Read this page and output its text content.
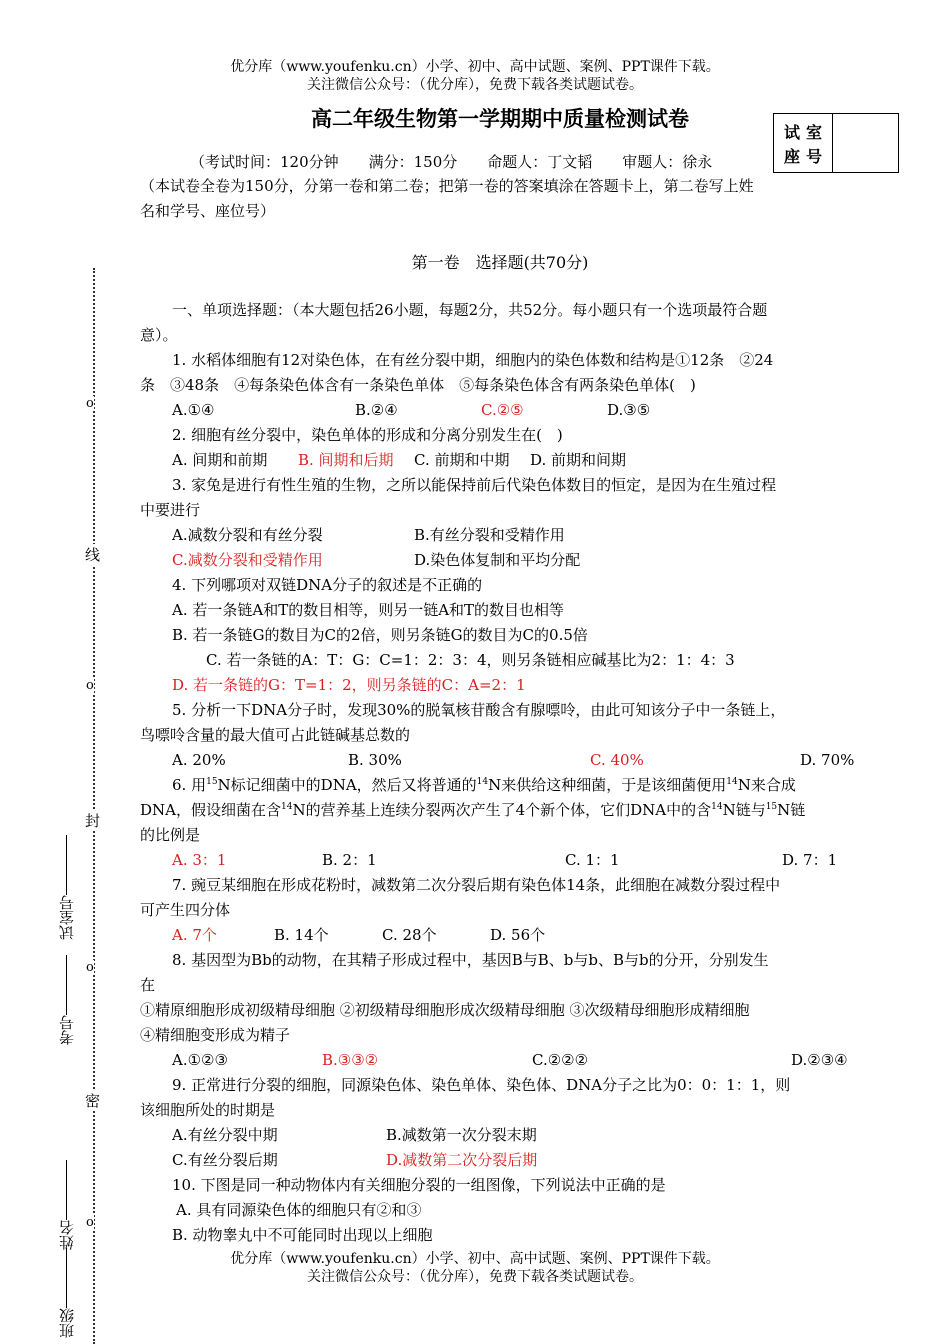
优分库（www.youfenku.cn）小学、初中、高中试题、案例、PPT课件下载。
关注微信公众号：（优分库），免费下载各类试题试卷。
高二年级生物第一学期期中质量检测试卷
试室
座号
（考试时间：120分钟　　满分：150分　　命题人：丁文韬　　审题人：徐永
（本试卷全卷为150分，分第一卷和第二卷；把第一卷的答案填涂在答题卡上，第二卷写上姓
名和学号、座位号）
第一卷　选择题(共70分)
一、单项选择题：（本大题包括26小题，每题2分，共52分。每小题只有一个选项最符合题
意）。
1. 水稻体细胞有12对染色体，在有丝分裂中期，细胞内的染色体数和结构是①12条　②24
条　③48条　④每条染色体含有一条染色单体　⑤每条染色体含有两条染色单体(　)
A.①④	B.②④	C.②⑤	D.③⑤
2. 细胞有丝分裂中，染色单体的形成和分离分别发生在(　)
A. 间期和前期 B. 间期和后期 C. 前期和中期 D. 前期和间期
3. 家兔是进行有性生殖的生物，之所以能保持前后代染色体数目的恒定，是因为在生殖过程
中要进行
A.减数分裂和有丝分裂	B.有丝分裂和受精作用
C.减数分裂和受精作用	D.染色体复制和平均分配
4. 下列哪项对双链DNA分子的叙述是不正确的
A. 若一条链A和T的数目相等，则另一链A和T的数目也相等
B. 若一条链G的数目为C的2倍，则另条链G的数目为C的0.5倍
C. 若一条链的A：T：G：C=1：2：3：4，则另条链相应碱基比为2：1：4：3
D. 若一条链的G：T=1：2，则另条链的C：A=2：1
5. 分析一下DNA分子时，发现30%的脱氧核苷酸含有腺嘌呤，由此可知该分子中一条链上，
鸟嘌呤含量的最大值可占此链碱基总数的
A. 20%	B. 30%	C. 40%	D. 70%
6. 用$^{15}$N标记细菌中的DNA，然后又将普通的$^{14}$N来供给这种细菌，于是该细菌便用$^{14}$N来合成
DNA，假设细菌在含$^{14}$N的营养基上连续分裂两次产生了4个新个体，它们DNA中的含$^{14}$N链与$^{15}$N链
的比例是
A. 3：1	B. 2：1	C. 1：1	D. 7：1
7. 豌豆某细胞在形成花粉时，减数第二次分裂后期有染色体14条，此细胞在减数分裂过程中
可产生四分体
A. 7个	B. 14个	C. 28个	D. 56个
8. 基因型为Bb的动物，在其精子形成过程中，基因B与B、b与b、B与b的分开，分别发生
在
①精原细胞形成初级精母细胞 ②初级精母细胞形成次级精母细胞 ③次级精母细胞形成精细胞
④精细胞变形成为精子
A.①②③	B.③③②	C.②②②	D.②③④
9. 正常进行分裂的细胞，同源染色体、染色单体、染色体、DNA分子之比为0：0：1：1，则
该细胞所处的时期是
A.有丝分裂中期	B.减数第一次分裂末期
C.有丝分裂后期	D.减数第二次分裂后期
10. 下图是同一种动物体内有关细胞分裂的一组图像，下列说法中正确的是
A. 具有同源染色体的细胞只有②和③
B. 动物睾丸中不可能同时出现以上细胞
优分库（www.youfenku.cn）小学、初中、高中试题、案例、PPT课件下载。
关注微信公众号：（优分库），免费下载各类试题试卷。
o
线
o
封
o
密
o
试室号
考号
姓名
班级
